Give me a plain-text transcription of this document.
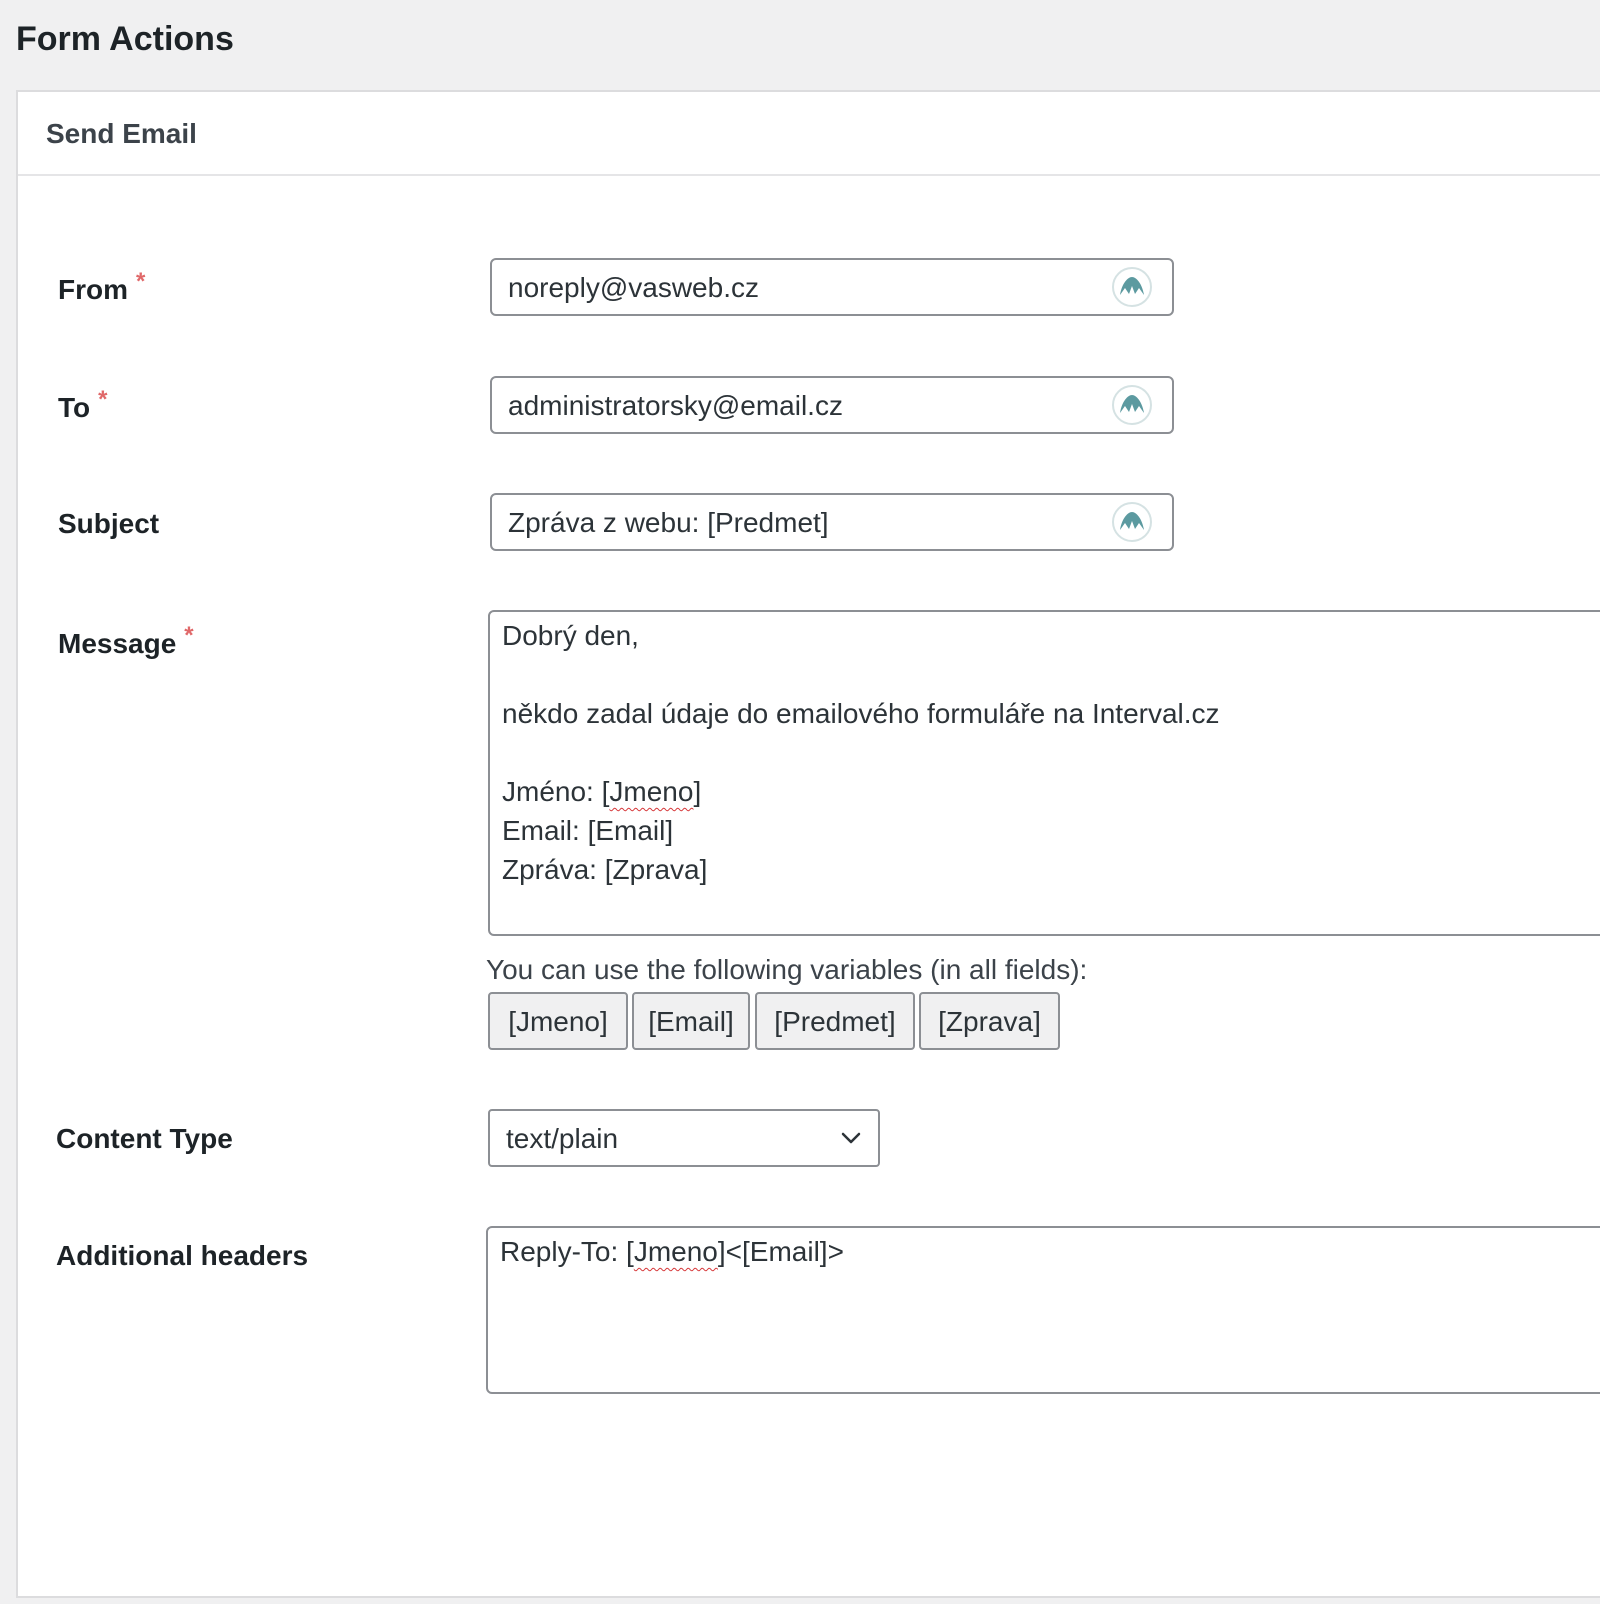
Form Actions
Send Email
From *	noreply@vasweb.cz
To *	administratorsky@email.cz
Subject	Zpráva z webu: [Predmet]
Message *	Dobrý den,
někdo zadal údaje do emailového formuláře na Interval.cz
Jméno: [Jmeno]
Email: [Email]
Zpráva: [Zprava]
You can use the following variables (in all fields):
[Jmeno]	[Email]	[Predmet]	[Zprava]
Content Type	text/plain
Additional headers	Reply-To: [Jmeno]<[Email]>
